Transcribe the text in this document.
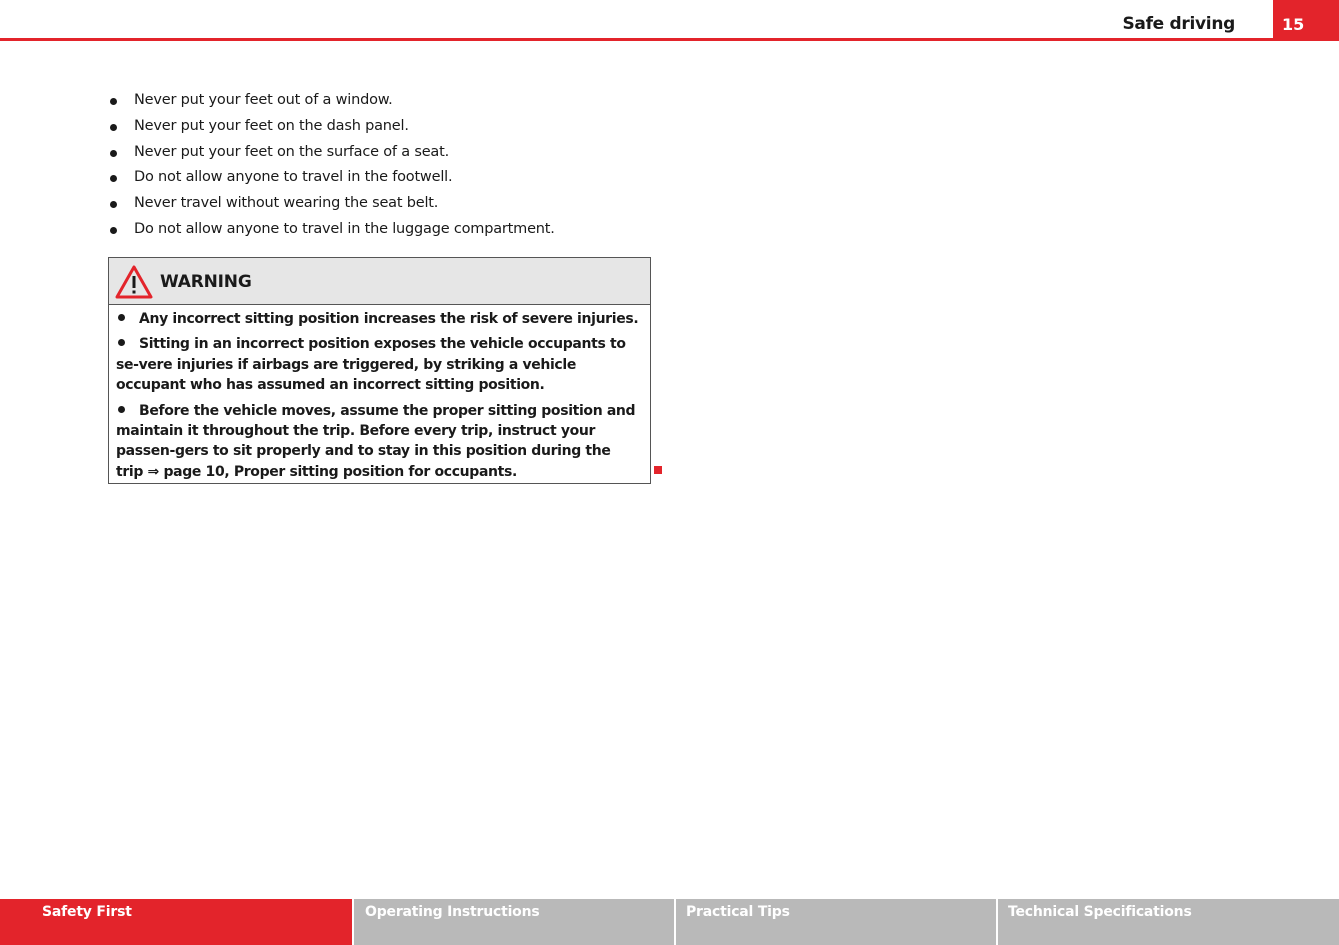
Safe driving	15
Never put your feet out of a window.
Never put your feet on the dash panel.
Never put your feet on the surface of a seat.
Do not allow anyone to travel in the footwell.
Never travel without wearing the seat belt.
Do not allow anyone to travel in the luggage compartment.
WARNING

Any incorrect sitting position increases the risk of severe injuries.

Sitting in an incorrect position exposes the vehicle occupants to se-vere injuries if airbags are triggered, by striking a vehicle occupant who has assumed an incorrect sitting position.

Before the vehicle moves, assume the proper sitting position and maintain it throughout the trip. Before every trip, instruct your passen-gers to sit properly and to stay in this position during the trip ⇒ page 10, Proper sitting position for occupants.

Safety First	Operating Instructions	Practical Tips	Technical Specifications
